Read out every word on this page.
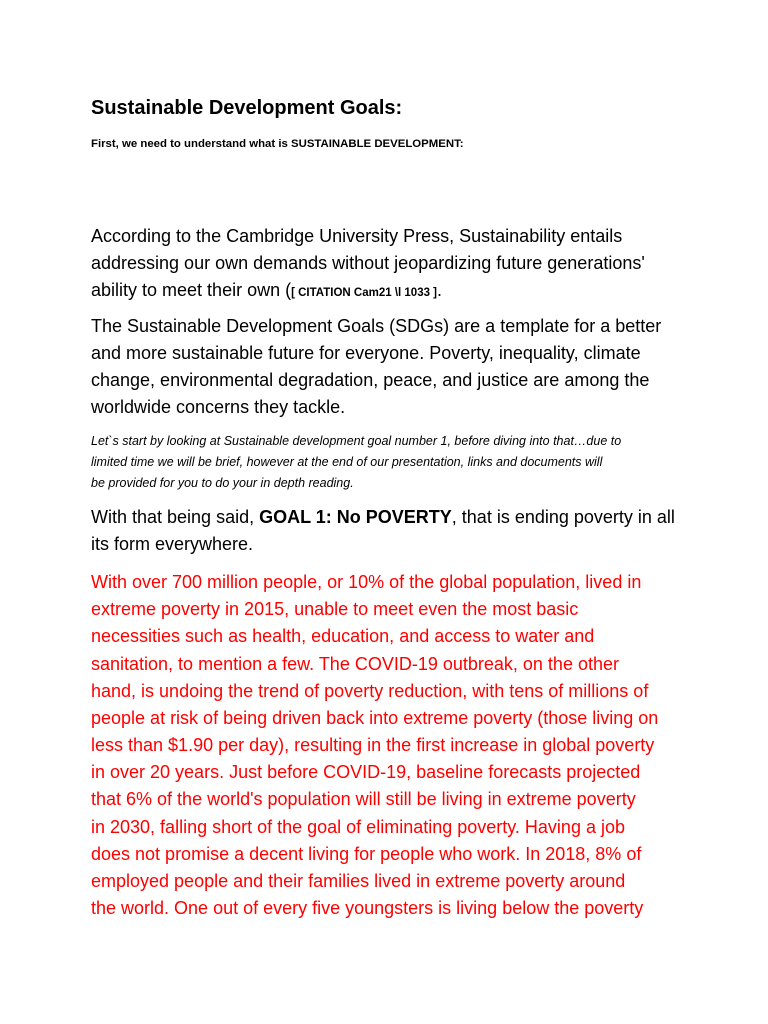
Sustainable Development Goals:
First, we need to understand what is SUSTAINABLE DEVELOPMENT:
According to the Cambridge University Press, Sustainability entails
addressing our own demands without jeopardizing future generations'
ability to meet their own ([ CITATION Cam21 \l 1033 ].
The Sustainable Development Goals (SDGs) are a template for a better
and more sustainable future for everyone. Poverty, inequality, climate
change, environmental degradation, peace, and justice are among the
worldwide concerns they tackle.
Let`s start by looking at Sustainable development goal number 1, before diving into that…due to
limited time we will be brief, however at the end of our presentation, links and documents will
be provided for you to do your in depth reading.
With that being said, GOAL 1: No POVERTY, that is ending poverty in all
its form everywhere.
With over 700 million people, or 10% of the global population, lived in
extreme poverty in 2015, unable to meet even the most basic
necessities such as health, education, and access to water and
sanitation, to mention a few. The COVID-19 outbreak, on the other
hand, is undoing the trend of poverty reduction, with tens of millions of
people at risk of being driven back into extreme poverty (those living on
less than $1.90 per day), resulting in the first increase in global poverty
in over 20 years. Just before COVID-19, baseline forecasts projected
that 6% of the world's population will still be living in extreme poverty
in 2030, falling short of the goal of eliminating poverty. Having a job
does not promise a decent living for people who work. In 2018, 8% of
employed people and their families lived in extreme poverty around
the world. One out of every five youngsters is living below the poverty
